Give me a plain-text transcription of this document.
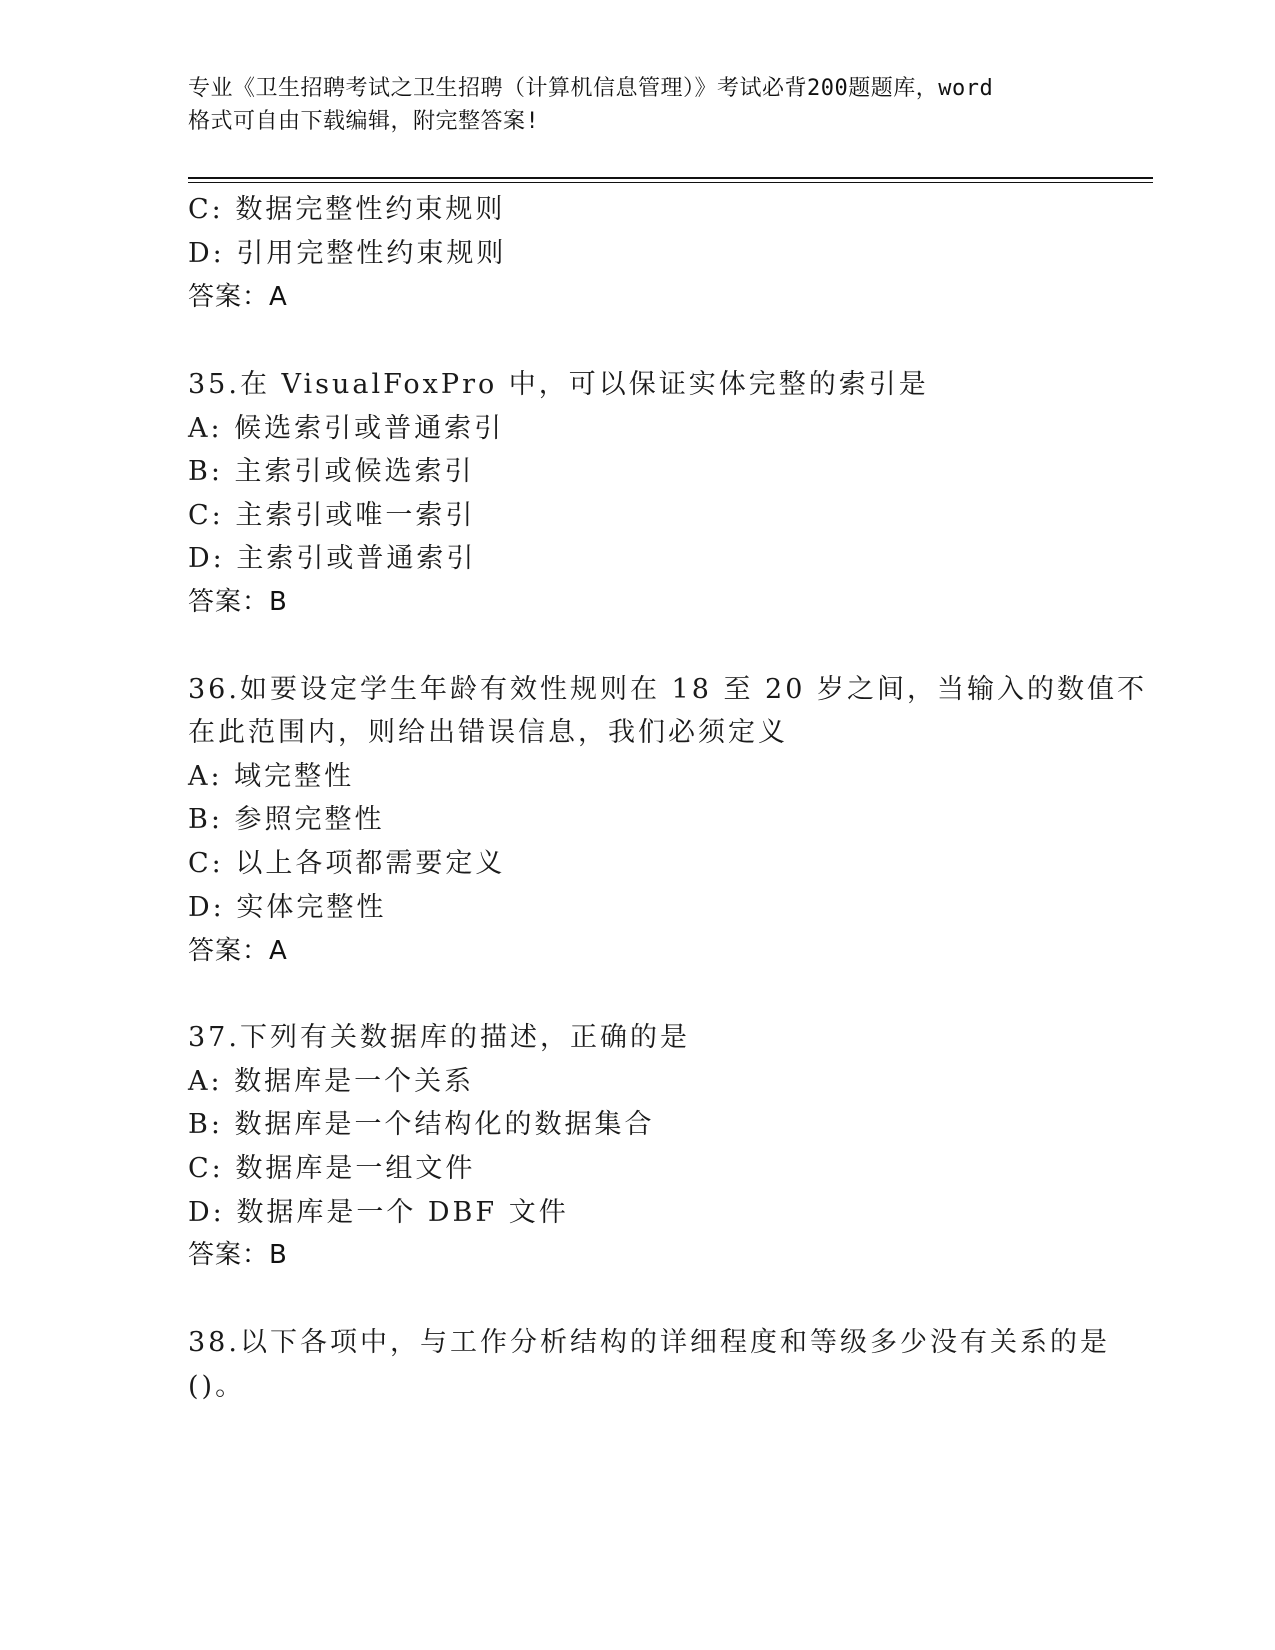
专业《卫生招聘考试之卫生招聘（计算机信息管理）》考试必背200题题库，word
格式可自由下载编辑，附完整答案!
C: 数据完整性约束规则
D: 引用完整性约束规则
答案：A
35.在 VisualFoxPro 中，可以保证实体完整的索引是
A: 候选索引或普通索引
B: 主索引或候选索引
C: 主索引或唯一索引
D: 主索引或普通索引
答案：B
36.如要设定学生年龄有效性规则在 18 至 20 岁之间，当输入的数值不
在此范围内，则给出错误信息，我们必须定义
A: 域完整性
B: 参照完整性
C: 以上各项都需要定义
D: 实体完整性
答案：A
37.下列有关数据库的描述，正确的是
A: 数据库是一个关系
B: 数据库是一个结构化的数据集合
C: 数据库是一组文件
D: 数据库是一个 DBF 文件
答案：B
38.以下各项中，与工作分析结构的详细程度和等级多少没有关系的是
()。
